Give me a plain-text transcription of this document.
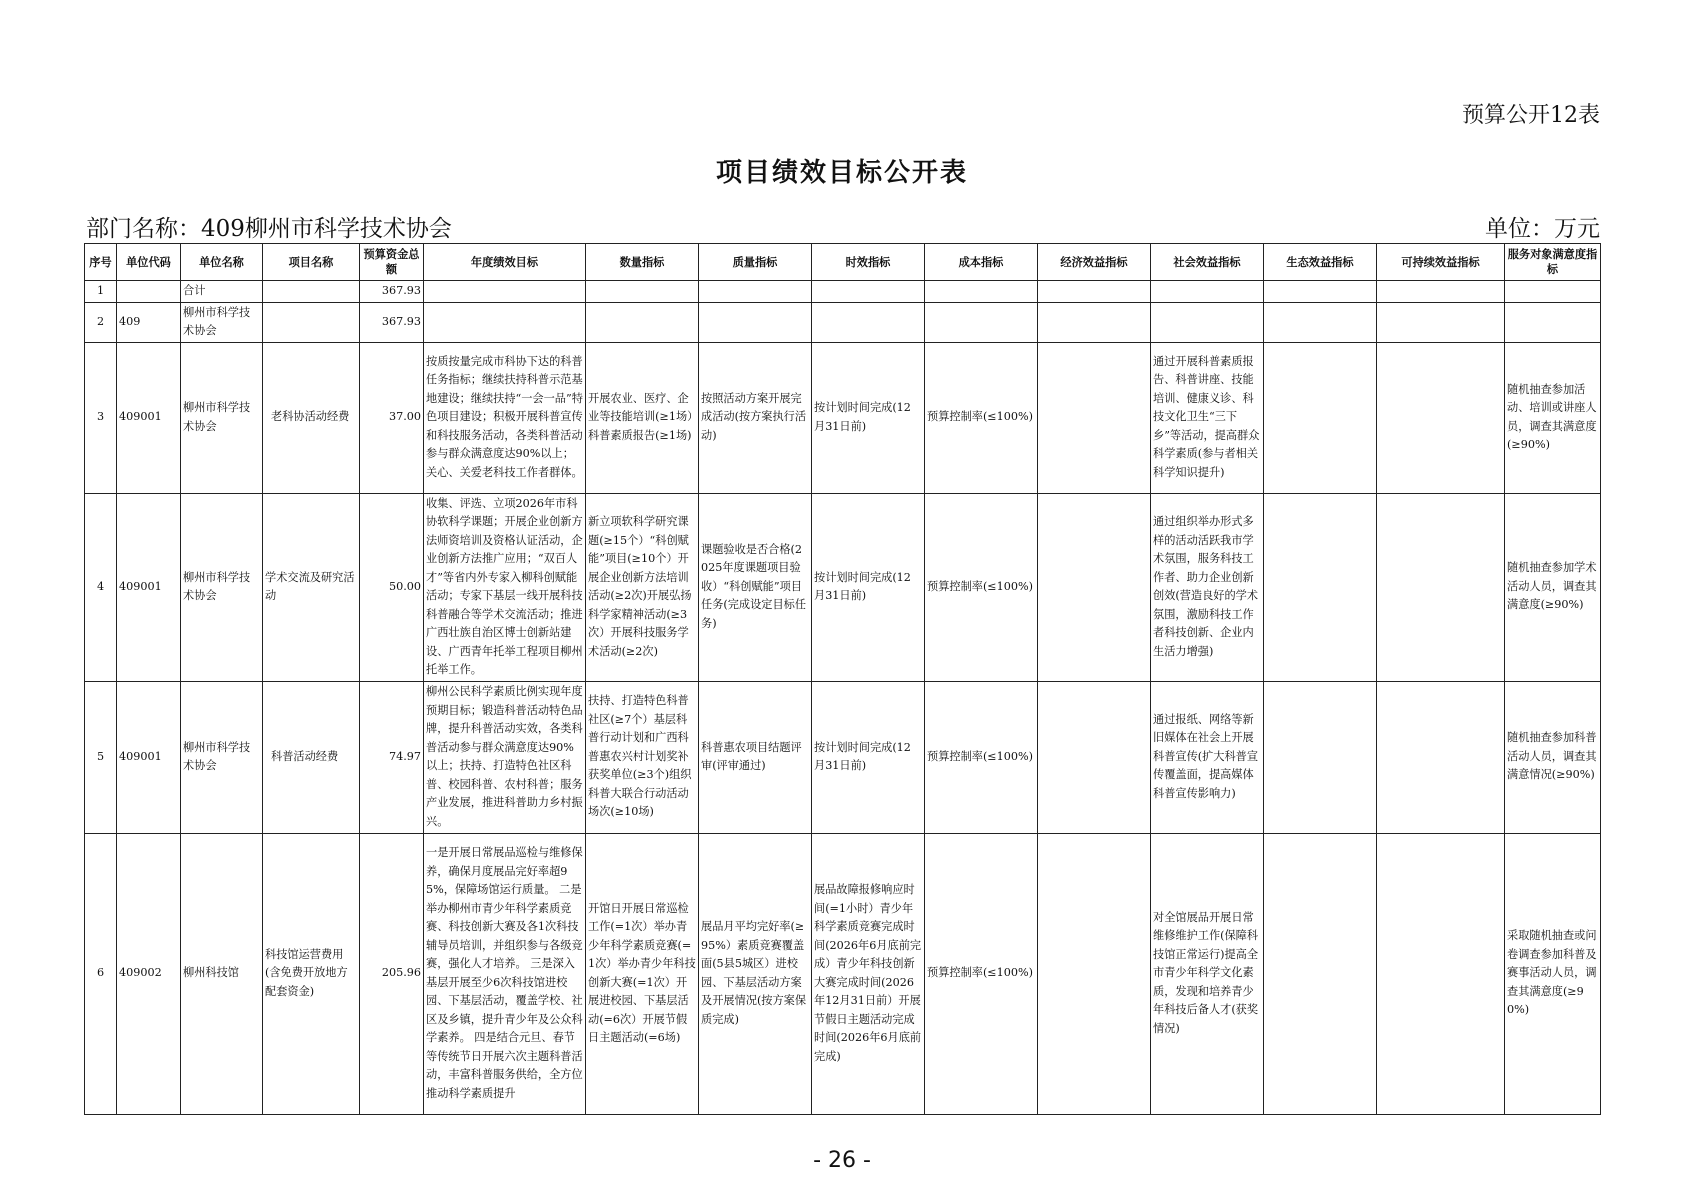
预算公开12表
项目绩效目标公开表
部门名称：409柳州市科学技术协会	单位：万元
序号	单位代码	单位名称	项目名称	预算资金总额	年度绩效目标	数量指标	质量指标	时效指标	成本指标	经济效益指标	社会效益指标	生态效益指标	可持续效益指标	服务对象满意度指标
1		合计		367.93										
2	409	柳州市科学技术协会		367.93										
3	409001	柳州市科学技术协会	老科协活动经费	37.00	按质按量完成市科协下达的科普任务指标；继续扶持科普示范基地建设；继续扶持“一会一品”特色项目建设；积极开展科普宣传和科技服务活动，各类科普活动参与群众满意度达90%以上；关心、关爱老科技工作者群体。	开展农业、医疗、企业等技能培训(≥1场）科普素质报告(≥1场)	按照活动方案开展完成活动(按方案执行活动)	按计划时间完成(12月31日前)	预算控制率(≤100%)		通过开展科普素质报告、科普讲座、技能培训、健康义诊、科技文化卫生“三下乡”等活动，提高群众科学素质(参与者相关科学知识提升)			随机抽查参加活动、培训或讲座人员，调查其满意度(≥90%)
4	409001	柳州市科学技术协会	学术交流及研究活动	50.00	收集、评选、立项2026年市科协软科学课题；开展企业创新方法师资培训及资格认证活动，企业创新方法推广应用；“双百人才”等省内外专家入柳科创赋能活动；专家下基层一线开展科技科普融合等学术交流活动；推进广西壮族自治区博士创新站建设、广西青年托举工程项目柳州托举工作。	新立项软科学研究课题(≥15个）“科创赋能”项目(≥10个）开展企业创新方法培训活动(≥2次)开展弘扬科学家精神活动(≥3次）开展科技服务学术活动(≥2次)	课题验收是否合格(2025年度课题项目验收）“科创赋能”项目任务(完成设定目标任务)	按计划时间完成(12月31日前)	预算控制率(≤100%)		通过组织举办形式多样的活动活跃我市学术氛围，服务科技工作者、助力企业创新创效(营造良好的学术氛围，激励科技工作者科技创新、企业内生活力增强)			随机抽查参加学术活动人员，调查其满意度(≥90%)
5	409001	柳州市科学技术协会	科普活动经费	74.97	柳州公民科学素质比例实现年度预期目标；锻造科普活动特色品牌，提升科普活动实效，各类科普活动参与群众满意度达90%以上；扶持、打造特色社区科普、校园科普、农村科普；服务产业发展，推进科普助力乡村振兴。	扶持、打造特色科普社区(≥7个）基层科普行动计划和广西科普惠农兴村计划奖补获奖单位(≥3个)组织科普大联合行动活动场次(≥10场)	科普惠农项目结题评审(评审通过)	按计划时间完成(12月31日前)	预算控制率(≤100%)		通过报纸、网络等新旧媒体在社会上开展科普宣传(扩大科普宣传覆盖面，提高媒体科普宣传影响力)			随机抽查参加科普活动人员，调查其满意情况(≥90%)
6	409002	柳州科技馆	科技馆运营费用(含免费开放地方配套资金)	205.96	一是开展日常展品巡检与维修保养，确保月度展品完好率超95%，保障场馆运行质量。 二是举办柳州市青少年科学素质竞赛、科技创新大赛及各1次科技辅导员培训，并组织参与各级竞赛，强化人才培养。 三是深入基层开展至少6次科技馆进校园、下基层活动，覆盖学校、社区及乡镇，提升青少年及公众科学素养。 四是结合元旦、春节等传统节日开展六次主题科普活动，丰富科普服务供给，全方位推动科学素质提升	开馆日开展日常巡检工作(=1次）举办青少年科学素质竞赛(=1次）举办青少年科技创新大赛(=1次）开展进校园、下基层活动(=6次）开展节假日主题活动(=6场)	展品月平均完好率(≥95%）素质竞赛覆盖面(5县5城区）进校园、下基层活动方案及开展情况(按方案保质完成)	展品故障报修响应时间(=1小时）青少年科学素质竞赛完成时间(2026年6月底前完成）青少年科技创新大赛完成时间(2026年12月31日前）开展节假日主题活动完成时间(2026年6月底前完成)	预算控制率(≤100%)		对全馆展品开展日常维修维护工作(保障科技馆正常运行)提高全市青少年科学文化素质，发现和培养青少年科技后备人才(获奖情况)			采取随机抽查或问卷调查参加科普及赛事活动人员，调查其满意度(≥90%)
- 26 -
